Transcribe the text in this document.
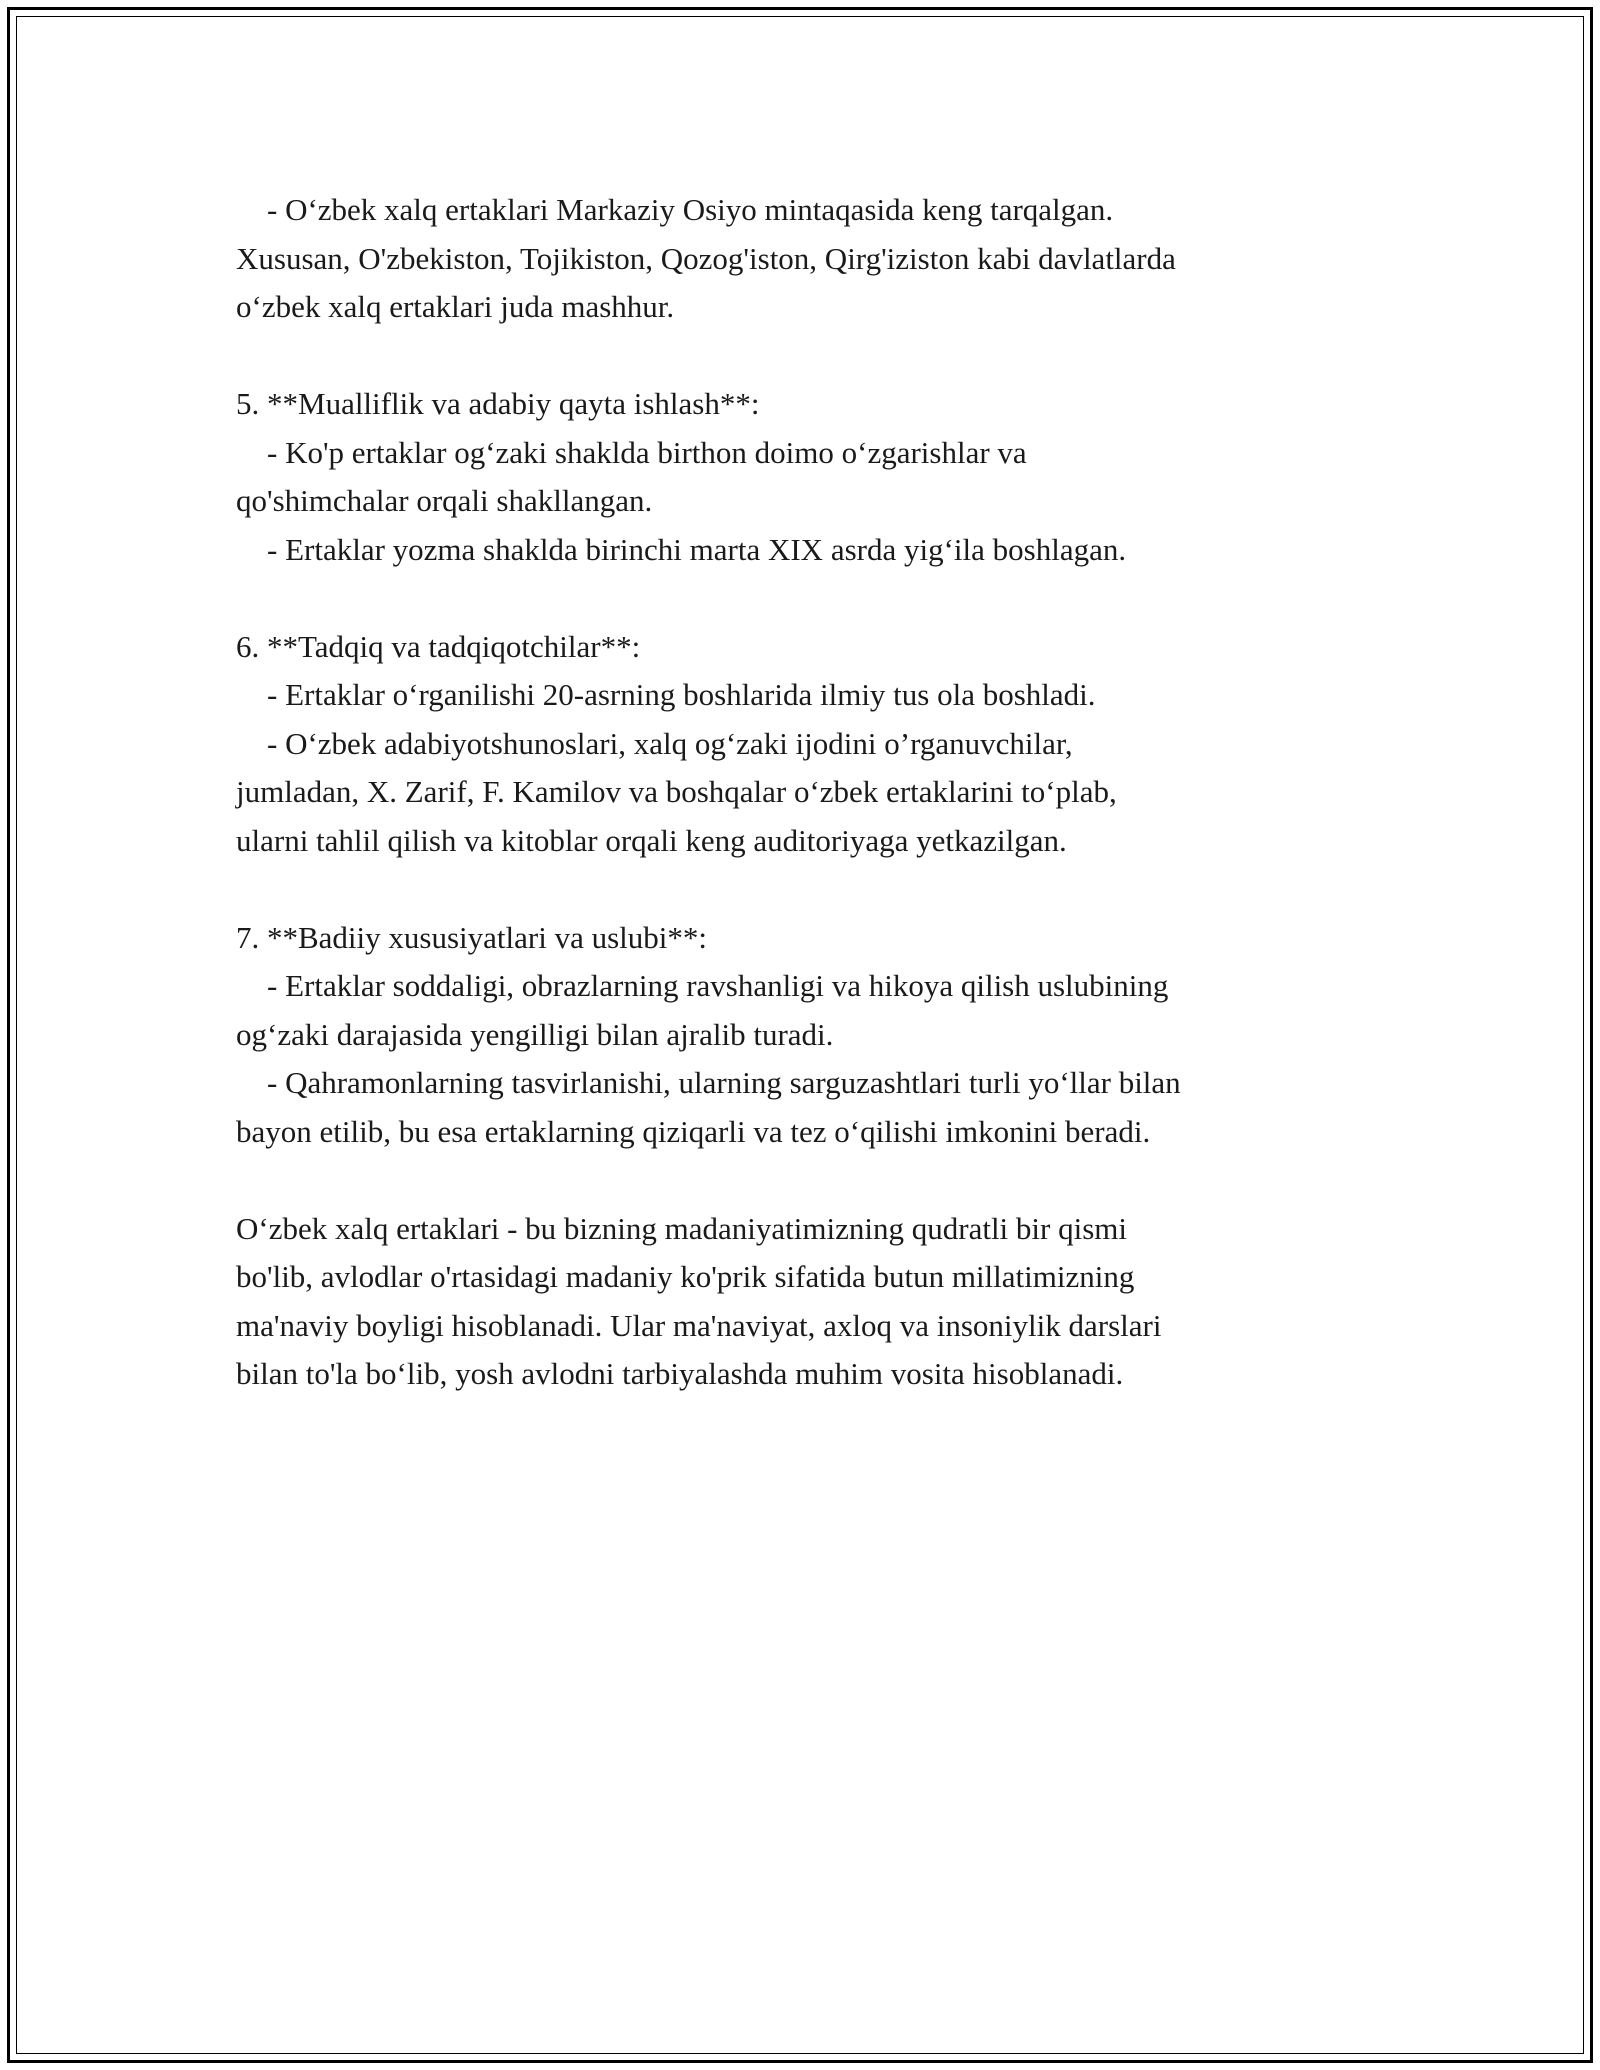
- O‘zbek xalq ertaklari Markaziy Osiyo mintaqasida keng tarqalgan.
Xususan, O'zbekiston, Tojikiston, Qozog'iston, Qirg'iziston kabi davlatlarda
o‘zbek xalq ertaklari juda mashhur.
5. **Mualliflik va adabiy qayta ishlash**:
- Ko'p ertaklar og‘zaki shaklda birthon doimo o‘zgarishlar va
qo'shimchalar orqali shakllangan.
- Ertaklar yozma shaklda birinchi marta XIX asrda yig‘ila boshlagan.
6. **Tadqiq va tadqiqotchilar**:
- Ertaklar o‘rganilishi 20-asrning boshlarida ilmiy tus ola boshladi.
- O‘zbek adabiyotshunoslari, xalq og‘zaki ijodini o’rganuvchilar,
jumladan, X. Zarif, F. Kamilov va boshqalar o‘zbek ertaklarini to‘plab,
ularni tahlil qilish va kitoblar orqali keng auditoriyaga yetkazilgan.
7. **Badiiy xususiyatlari va uslubi**:
- Ertaklar soddaligi, obrazlarning ravshanligi va hikoya qilish uslubining
og‘zaki darajasida yengilligi bilan ajralib turadi.
- Qahramonlarning tasvirlanishi, ularning sarguzashtlari turli yo‘llar bilan
bayon etilib, bu esa ertaklarning qiziqarli va tez o‘qilishi imkonini beradi.
O‘zbek xalq ertaklari - bu bizning madaniyatimizning qudratli bir qismi
bo'lib, avlodlar o'rtasidagi madaniy ko'prik sifatida butun millatimizning
ma'naviy boyligi hisoblanadi. Ular ma'naviyat, axloq va insoniylik darslari
bilan to'la bo‘lib, yosh avlodni tarbiyalashda muhim vosita hisoblanadi.
